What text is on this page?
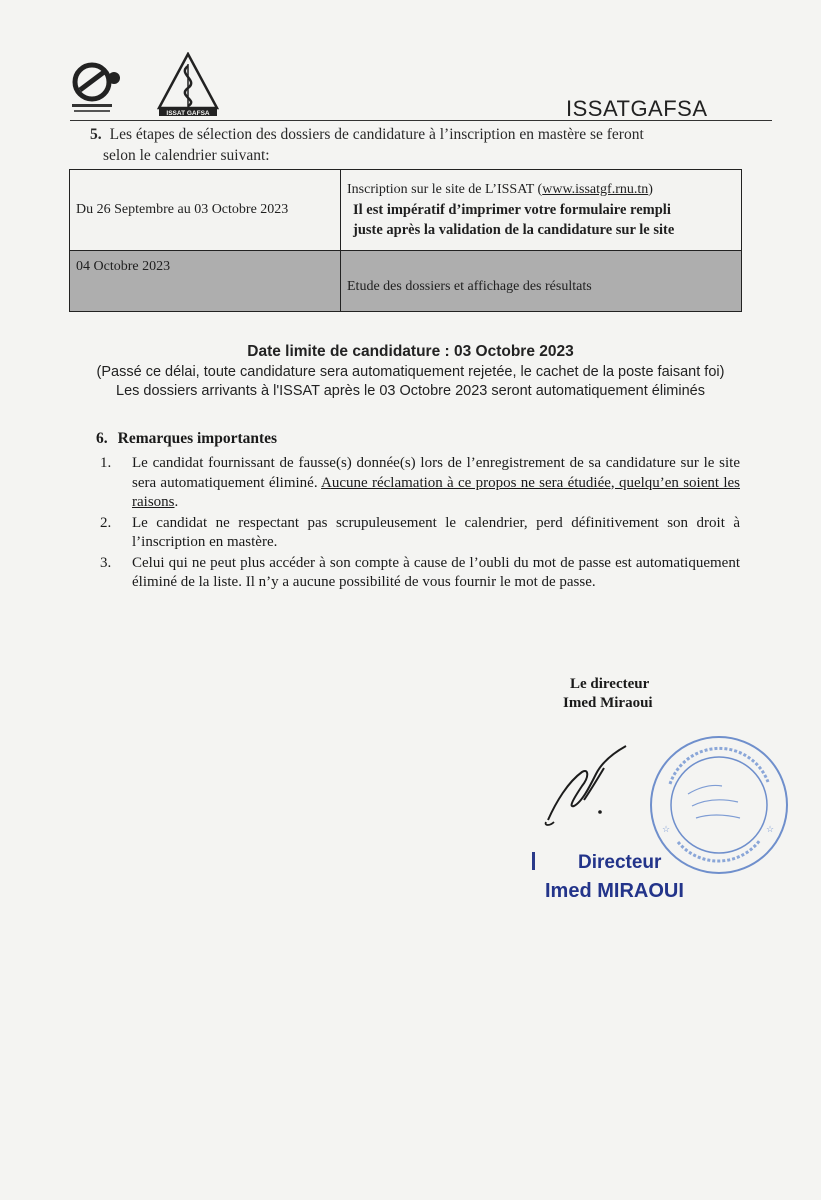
ISSAT GAFSA	ISSATGAFSA
5. Les étapes de sélection des dossiers de candidature à l’inscription en mastère se feront
selon le calendrier suivant:
Du 26 Septembre au 03 Octobre 2023	Inscription sur le site de L’ISSAT (www.issatgf.rnu.tn)
Il est impératif d’imprimer votre formulaire rempli
juste après la validation de la candidature sur le site

04 Octobre 2023	Etude des dossiers et affichage des résultats
Date limite de candidature : 03 Octobre 2023
(Passé ce délai, toute candidature sera automatiquement rejetée, le cachet de la poste faisant foi)
Les dossiers arrivants à l'ISSAT après le 03 Octobre 2023 seront automatiquement éliminés
6. Remarques importantes
1. Le candidat fournissant de fausse(s) donnée(s) lors de l’enregistrement de sa candidature sur le site sera automatiquement éliminé. Aucune réclamation à ce propos ne sera étudiée, quelqu’en soient les raisons.
2. Le candidat ne respectant pas scrupuleusement le calendrier, perd définitivement son droit à l’inscription en mastère.
3. Celui qui ne peut plus accéder à son compte à cause de l’oubli du mot de passe est automatiquement éliminé de la liste. Il n’y a aucune possibilité de vous fournir le mot de passe.
Le directeur
Imed Miraoui
☆	☆
Directeur
Imed MIRAOUI
